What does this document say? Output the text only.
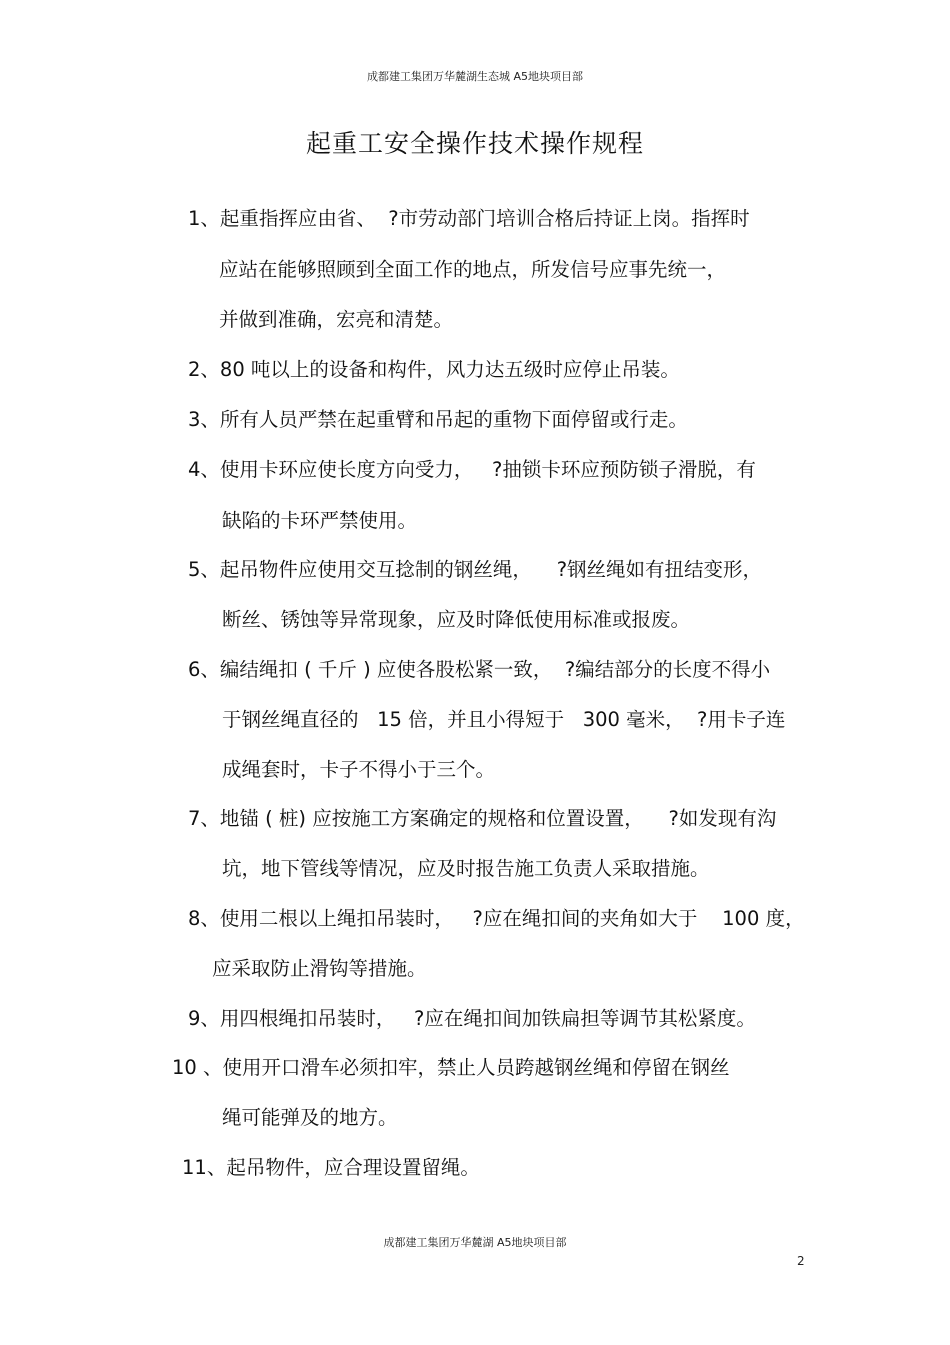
成都建工集团万华麓湖生态城 A5地块项目部
起重工安全操作技术操作规程
1、起重指挥应由省、  ?市劳动部门培训合格后持证上岗。指挥时
应站在能够照顾到全面工作的地点，所发信号应事先统一，
并做到准确，宏亮和清楚。
2、80 吨以上的设备和构件，风力达五级时应停止吊装。
3、所有人员严禁在起重臂和吊起的重物下面停留或行走。
4、使用卡环应使长度方向受力，   ?抽锁卡环应预防锁子滑脱，有
缺陷的卡环严禁使用。
5、起吊物件应使用交互捻制的钢丝绳，    ?钢丝绳如有扭结变形，
断丝、锈蚀等异常现象，应及时降低使用标准或报废。
6、编结绳扣 ( 千斤 ) 应使各股松紧一致，  ?编结部分的长度不得小
于钢丝绳直径的   15 倍，并且小得短于   300 毫米，  ?用卡子连
成绳套时，卡子不得小于三个。
7、地锚 ( 桩) 应按施工方案确定的规格和位置设置，    ?如发现有沟
坑，地下管线等情况，应及时报告施工负责人采取措施。
8、使用二根以上绳扣吊装时，   ?应在绳扣间的夹角如大于    100 度，
应采取防止滑钩等措施。
9、用四根绳扣吊装时，   ?应在绳扣间加铁扁担等调节其松紧度。
10 、使用开口滑车必须扣牢，禁止人员跨越钢丝绳和停留在钢丝
绳可能弹及的地方。
11、起吊物件，应合理设置留绳。
成都建工集团万华麓湖 A5地块项目部
2
